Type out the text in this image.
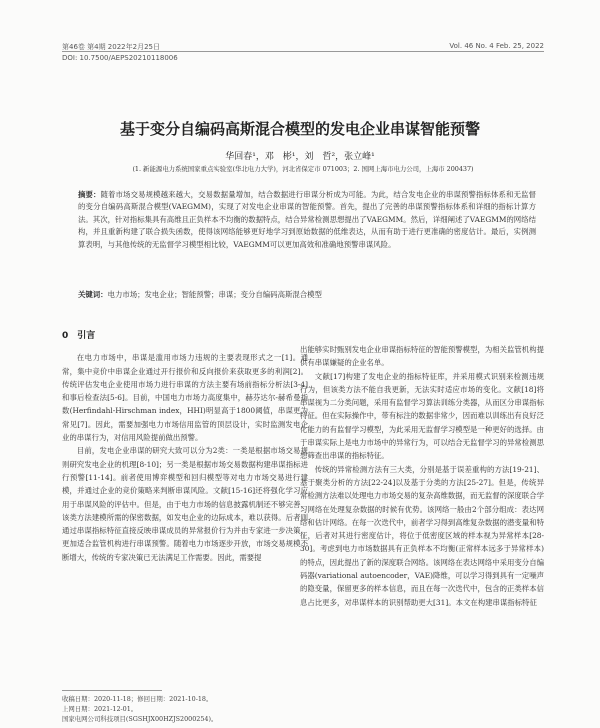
第46卷 第4期 2022年2月25日
DOI: 10.7500/AEPS20210118006
Vol. 46 No. 4 Feb. 25, 2022
基于变分自编码高斯混合模型的发电企业串谋智能预警
华回春¹，邓　彬¹，刘　哲²，张立峰¹
(1. 新能源电力系统国家重点实验室(华北电力大学)，河北省保定市 071003；2. 国网上海市电力公司，上海市 200437)
摘要：随着市场交易规模越来越大，交易数据量增加，结合数据进行串谋分析成为可能。为此，结合发电企业的串谋预警指标体系和无监督的变分自编码高斯混合模型(VAEGMM)，实现了对发电企业串谋的智能预警。首先，提出了完善的串谋预警指标体系和详细的指标计算方法。其次，针对指标集具有高维且正负样本不均衡的数据特点，结合异常检测思想提出了VAEGMM。然后，详细阐述了VAEGMM的网络结构，并且重新构建了联合损失函数，使得该网络能够更好地学习到原始数据的低维表达，从而有助于进行更准确的密度估计。最后，实例测算表明，与其他传统的无监督学习模型相比较，VAEGMM可以更加高效和准确地预警串谋风险。
关键词：电力市场；发电企业；智能预警；串谋；变分自编码高斯混合模型
0　引言

在电力市场中，串谋是滥用市场力违规的主要表现形式之一[1]。通常，集中竞价中串谋企业通过开行报价和反向报价来获取更多的利润[2]。传统评估发电企业使用市场力进行串谋的方法主要有场前指标分析法[3-4]和事后检查法[5-6]。目前，中国电力市场力高度集中，赫芬达尔-赫希曼指数(Herfindahl-Hirschman index，HHI)明显高于1800阈值，串谋更为常见[7]。因此，需要加强电力市场信用监管的顶层设计，实时监测发电企业的串谋行为，对信用风险提前做出预警。

目前，发电企业串谋的研究大致可以分为2类：一类是根据市场交易规则研究发电企业的机理[8-10]；另一类是根据市场交易数据构建串谋指标进行预警[11-14]。前者使用博弈模型和回归模型等对电力市场交易进行建模，并通过企业的竞价策略来判断串谋风险。文献[15-16]还将强化学习应用于串谋风险的评估中。但是，由于电力市场的信息披露机制还不够完善，该类方法建模所需的保密数据，如发电企业的边际成本，难以获得。后者则通过串谋指标特征直接反映串谋成员的异常报价行为并由专家进一步决策，更加适合监管机构进行串谋预警。随着电力市场逐步开放，市场交易规模不断增大，传统的专家决策已无法满足工作需要。因此，需要提

出能够实时甄别发电企业串谋指标特征的智能预警模型，为相关监管机构提供有串谋嫌疑的企业名单。

文献[17]构建了发电企业的指标特征库，并采用模式识别来检测违规行为，但该类方法不能自我更新，无法实时适应市场的变化。文献[18]将串谋视为二分类问题，采用有监督学习算法训练分类器，从而区分串谋指标特征。但在实际操作中，带有标注的数据非常少，因而难以训练出有良好泛化能力的有监督学习模型，为此采用无监督学习模型是一种更好的选择。由于串谋实际上是电力市场中的异常行为，可以结合无监督学习的异常检测思想筛查出串谋的指标特征。

传统的异常检测方法有三大类，分别是基于误差重构的方法[19-21]、基于聚类分析的方法[22-24]以及基于分类的方法[25-27]。但是，传统异常检测方法难以处理电力市场交易的复杂高维数据，而无监督的深度联合学习网络在处理复杂数据的时候有优势。该网络一般由2个部分组成：表达网络和估计网络。在每一次迭代中，前者学习得到高维复杂数据的潜变量和特征，后者对其进行密度估计，将位于低密度区域的样本视为异常样本[28-30]。考虑到电力市场数据具有正负样本不均衡(正常样本远多于异常样本)的特点，因此提出了新的深度联合网络。该网络在表达网络中采用变分自编码器(variational autoencoder，VAE)降维，可以学习得到具有一定噪声的隐变量，保留更多的样本信息，而且在每一次迭代中，包含的正类样本信息占比更多，对串谋样本的识别帮助更大[31]。本文在构建串谋指标特征

收稿日期：2020-11-18；修回日期：2021-10-18。
上网日期：2021-12-01。
国家电网公司科技项目(SGSHJX00HZJS2000254)。
